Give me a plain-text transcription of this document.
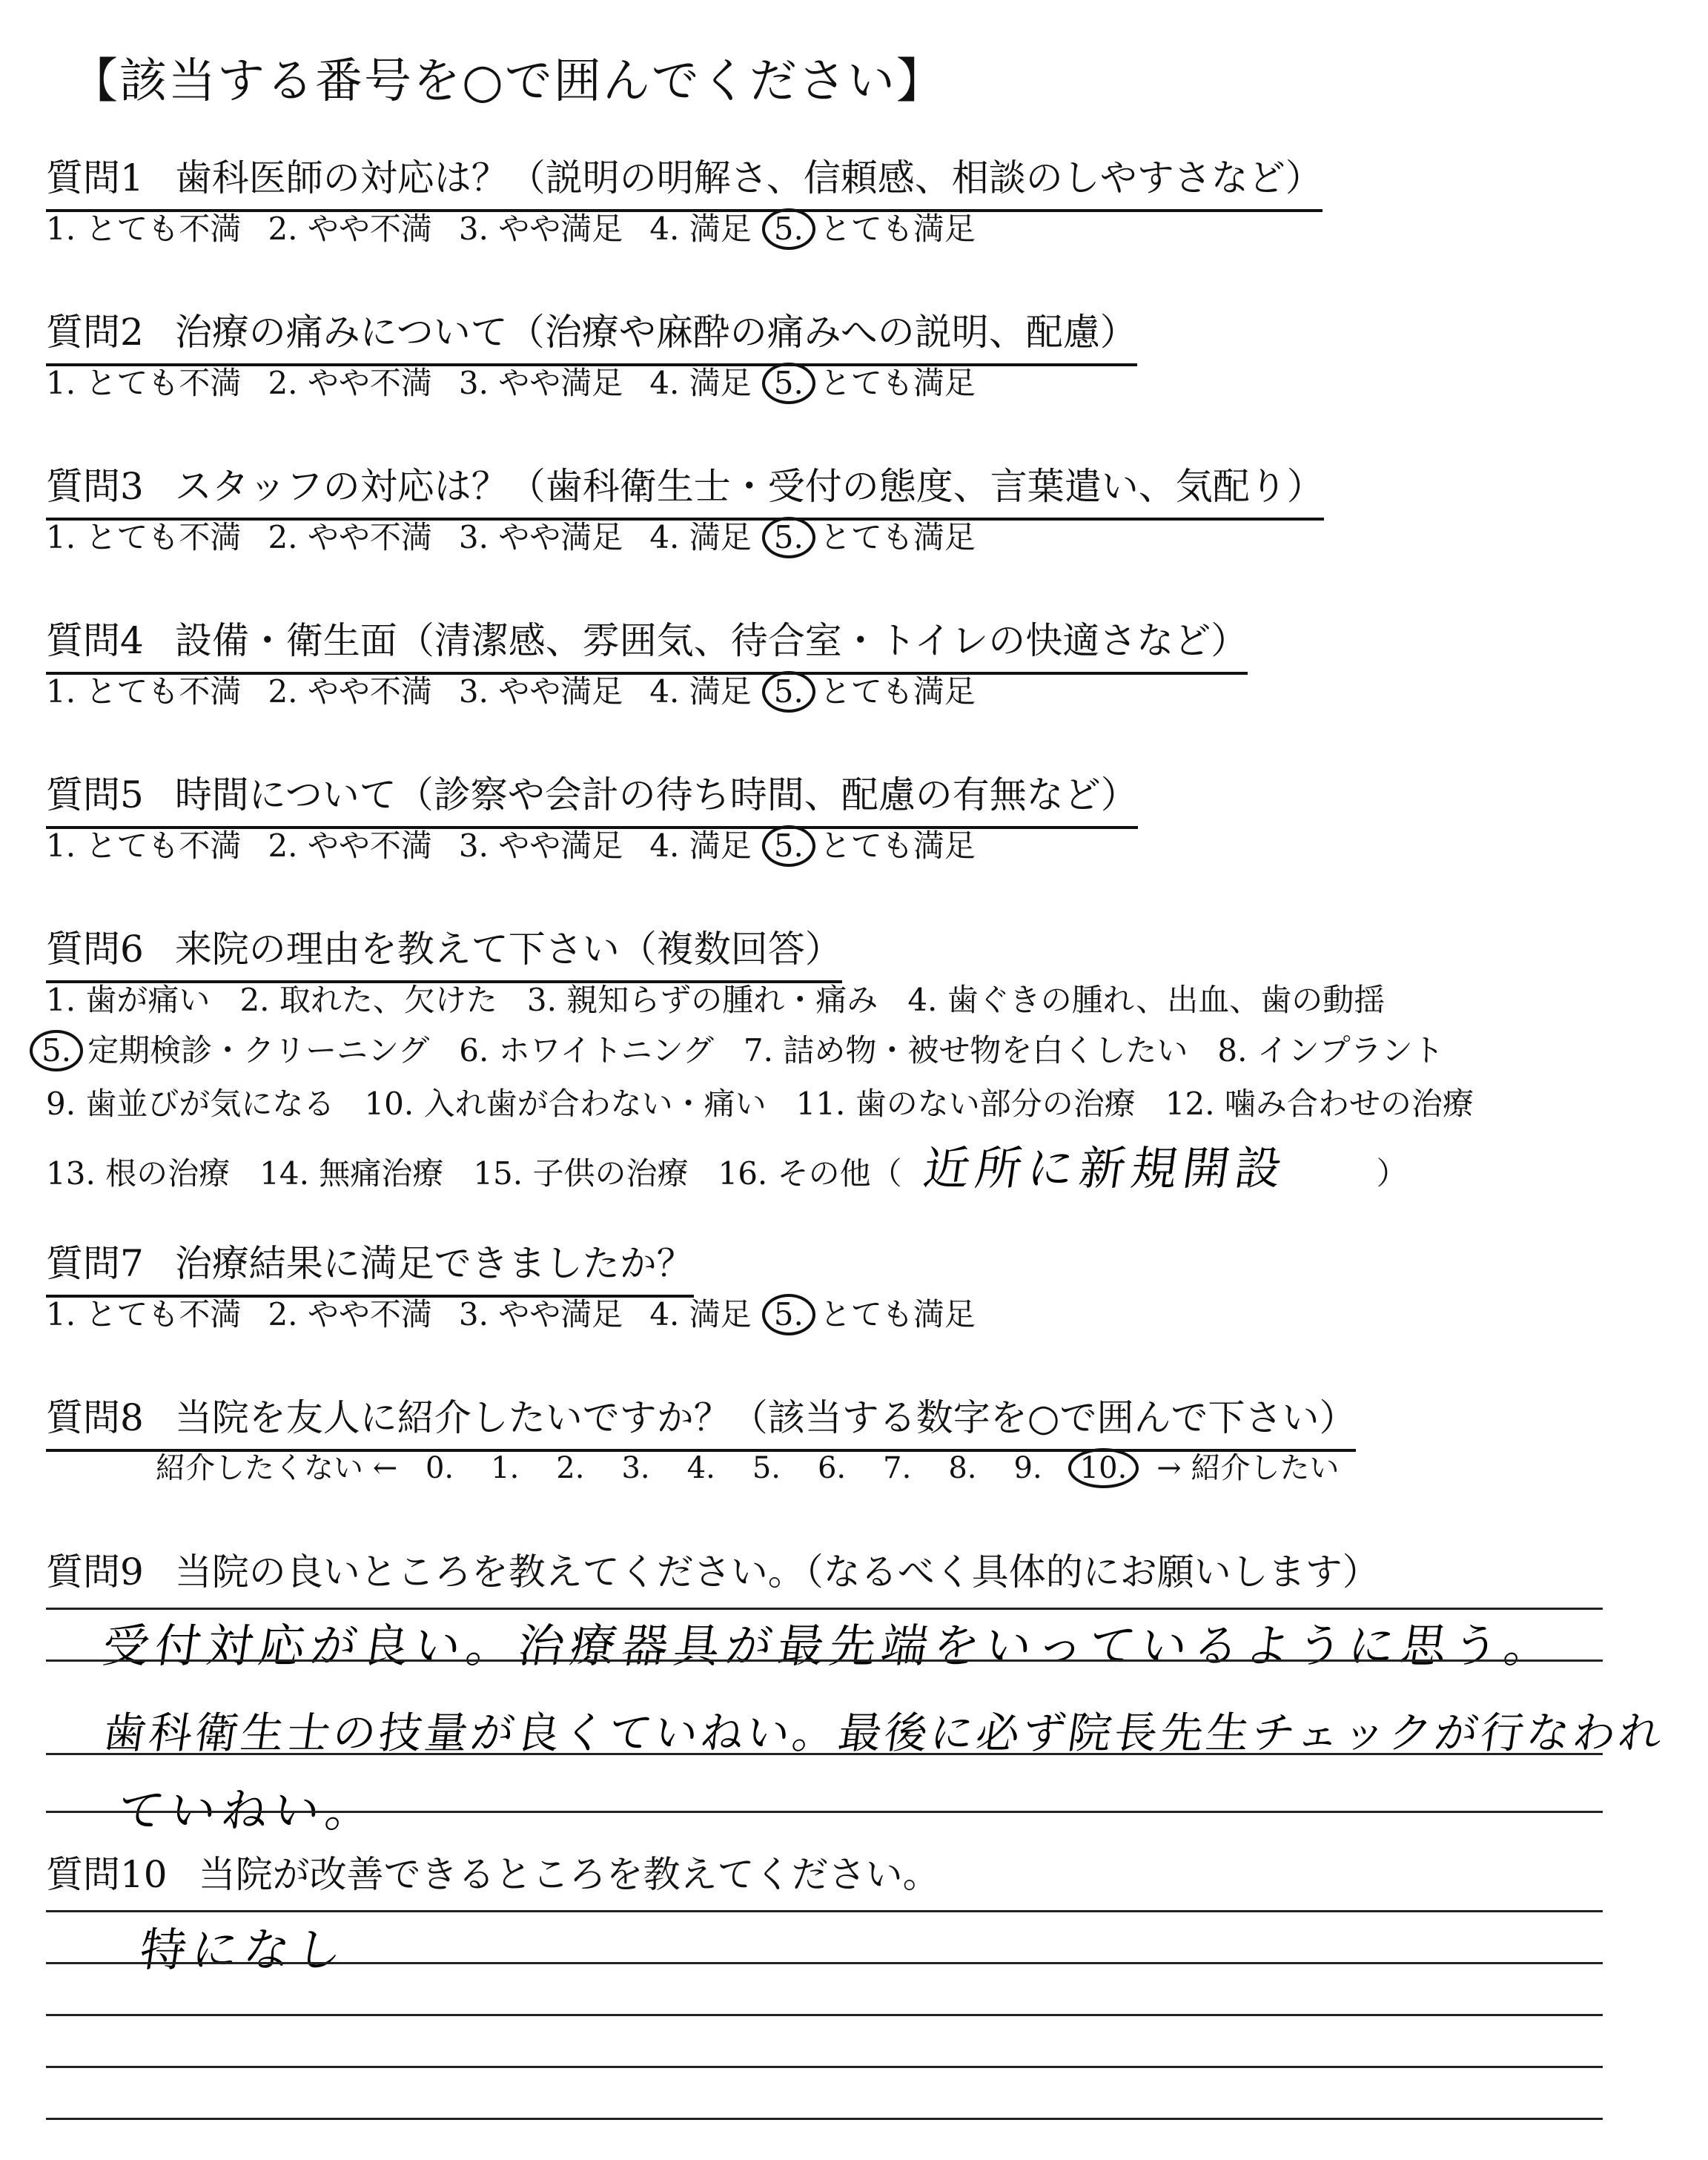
【該当する番号を○で囲んでください】
質問1 歯科医師の対応は？（説明の明解さ、信頼感、相談のしやすさなど）
1. とても不満 2. やや不満 3. やや満足 4. 満足 5. とても満足
質問2 治療の痛みについて（治療や麻酔の痛みへの説明、配慮）
1. とても不満 2. やや不満 3. やや満足 4. 満足 5. とても満足
質問3 スタッフの対応は？（歯科衛生士・受付の態度、言葉遣い、気配り）
1. とても不満 2. やや不満 3. やや満足 4. 満足 5. とても満足
質問4 設備・衛生面（清潔感、雰囲気、待合室・トイレの快適さなど）
1. とても不満 2. やや不満 3. やや満足 4. 満足 5. とても満足
質問5 時間について（診察や会計の待ち時間、配慮の有無など）
1. とても不満 2. やや不満 3. やや満足 4. 満足 5. とても満足
質問6 来院の理由を教えて下さい（複数回答）
1. 歯が痛い 2. 取れた、欠けた 3. 親知らずの腫れ・痛み 4. 歯ぐきの腫れ、出血、歯の動揺
5. 定期検診・クリーニング 6. ホワイトニング 7. 詰め物・被せ物を白くしたい 8. インプラント
9. 歯並びが気になる 10. 入れ歯が合わない・痛い 11. 歯のない部分の治療 12. 噛み合わせの治療
13. 根の治療 14. 無痛治療 15. 子供の治療 16. その他（ 近所に新規開設	）
質問7 治療結果に満足できましたか？
1. とても不満 2. やや不満 3. やや満足 4. 満足 5. とても満足
質問8 当院を友人に紹介したいですか？（該当する数字を○で囲んで下さい）
紹介したくない ← 0. 1. 2. 3. 4. 5. 6. 7. 8. 9. 10. → 紹介したい
質問9 当院の良いところを教えてください。（なるべく具体的にお願いします）
受付対応が良い。治療器具が最先端をいっているように思う。
歯科衛生士の技量が良くていねい。最後に必ず院長先生チェックが行なわれ
ていねい。
質問10 当院が改善できるところを教えてください。
特になし
